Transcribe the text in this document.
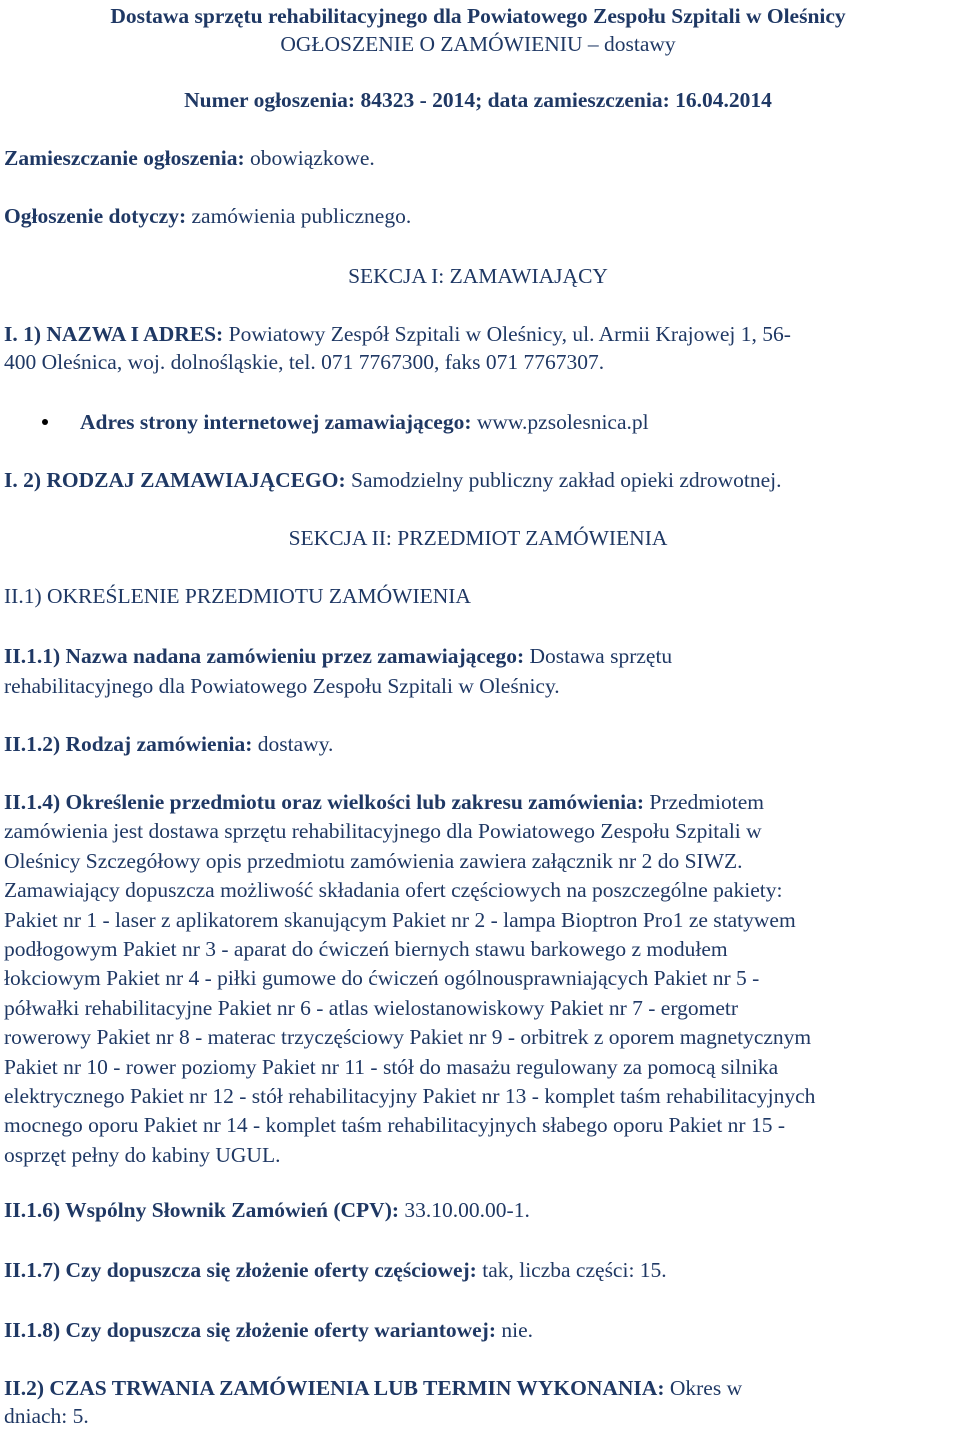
Dostawa sprzętu rehabilitacyjnego dla Powiatowego Zespołu Szpitali w Oleśnicy
OGŁOSZENIE O ZAMÓWIENIU – dostawy
Numer ogłoszenia: 84323 - 2014; data zamieszczenia: 16.04.2014
Zamieszczanie ogłoszenia: obowiązkowe.
Ogłoszenie dotyczy: zamówienia publicznego.
SEKCJA I: ZAMAWIAJĄCY
I. 1) NAZWA I ADRES: Powiatowy Zespół Szpitali w Oleśnicy, ul. Armii Krajowej 1, 56-
400 Oleśnica, woj. dolnośląskie, tel. 071 7767300, faks 071 7767307.
Adres strony internetowej zamawiającego: www.pzsolesnica.pl
I. 2) RODZAJ ZAMAWIAJĄCEGO: Samodzielny publiczny zakład opieki zdrowotnej.
SEKCJA II: PRZEDMIOT ZAMÓWIENIA
II.1) OKREŚLENIE PRZEDMIOTU ZAMÓWIENIA
II.1.1) Nazwa nadana zamówieniu przez zamawiającego: Dostawa sprzętu
rehabilitacyjnego dla Powiatowego Zespołu Szpitali w Oleśnicy.
II.1.2) Rodzaj zamówienia: dostawy.
II.1.4) Określenie przedmiotu oraz wielkości lub zakresu zamówienia: Przedmiotem
zamówienia jest dostawa sprzętu rehabilitacyjnego dla Powiatowego Zespołu Szpitali w
Oleśnicy Szczegółowy opis przedmiotu zamówienia zawiera załącznik nr 2 do SIWZ.
Zamawiający dopuszcza możliwość składania ofert częściowych na poszczególne pakiety:
Pakiet nr 1 - laser z aplikatorem skanującym Pakiet nr 2 - lampa Bioptron Pro1 ze statywem
podłogowym Pakiet nr 3 - aparat do ćwiczeń biernych stawu barkowego z modułem
łokciowym Pakiet nr 4 - piłki gumowe do ćwiczeń ogólnousprawniających Pakiet nr 5 -
półwałki rehabilitacyjne Pakiet nr 6 - atlas wielostanowiskowy Pakiet nr 7 - ergometr
rowerowy Pakiet nr 8 - materac trzyczęściowy Pakiet nr 9 - orbitrek z oporem magnetycznym
Pakiet nr 10 - rower poziomy Pakiet nr 11 - stół do masażu regulowany za pomocą silnika
elektrycznego Pakiet nr 12 - stół rehabilitacyjny Pakiet nr 13 - komplet taśm rehabilitacyjnych
mocnego oporu Pakiet nr 14 - komplet taśm rehabilitacyjnych słabego oporu Pakiet nr 15 -
osprzęt pełny do kabiny UGUL.
II.1.6) Wspólny Słownik Zamówień (CPV): 33.10.00.00-1.
II.1.7) Czy dopuszcza się złożenie oferty częściowej: tak, liczba części: 15.
II.1.8) Czy dopuszcza się złożenie oferty wariantowej: nie.
II.2) CZAS TRWANIA ZAMÓWIENIA LUB TERMIN WYKONANIA: Okres w
dniach: 5.
